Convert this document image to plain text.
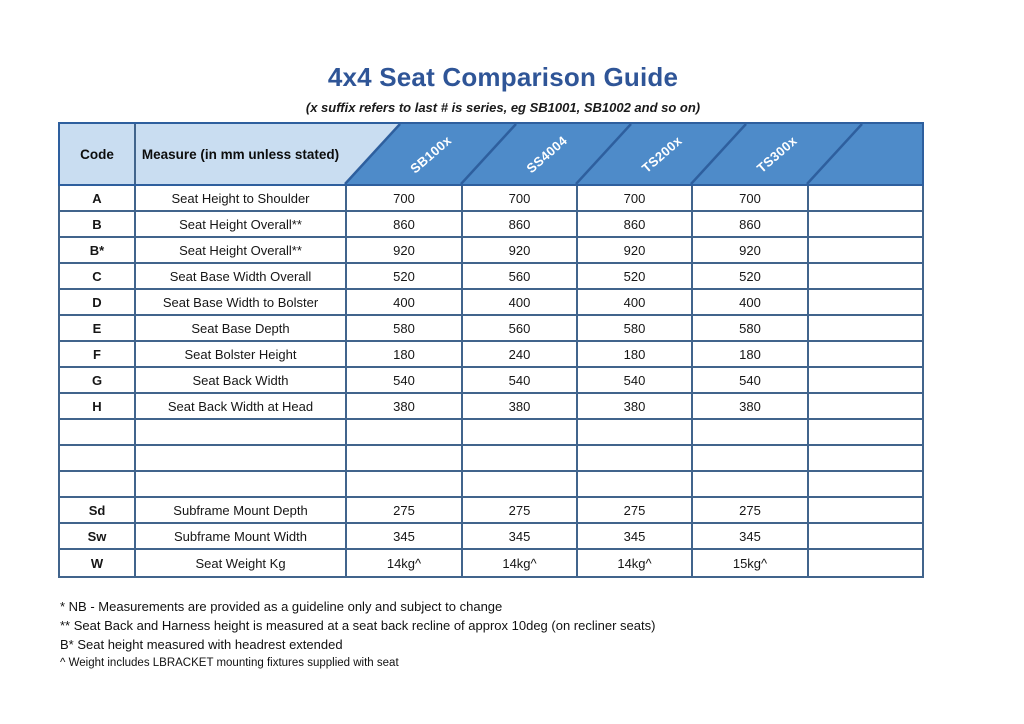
4x4 Seat Comparison Guide
(x suffix refers to last # is series, eg SB1001, SB1002 and so on)
Code	Measure (in mm unless stated)	SB100x	SS4004	TS200x	TS300x
A	Seat Height to Shoulder	700	700	700	700
B	Seat Height Overall**	860	860	860	860
B*	Seat Height Overall**	920	920	920	920
C	Seat Base Width Overall	520	560	520	520
D	Seat Base Width to Bolster	400	400	400	400
E	Seat Base Depth	580	560	580	580
F	Seat Bolster Height	180	240	180	180
G	Seat Back Width	540	540	540	540
H	Seat Back Width at Head	380	380	380	380
Sd	Subframe Mount Depth	275	275	275	275
Sw	Subframe Mount Width	345	345	345	345
W	Seat Weight Kg	14kg^	14kg^	14kg^	15kg^
* NB - Measurements are provided as a guideline only and subject to change
** Seat Back and Harness height is measured at a seat back recline of approx 10deg (on recliner seats)
B* Seat height measured with headrest extended
^ Weight includes LBRACKET mounting fixtures supplied with seat
